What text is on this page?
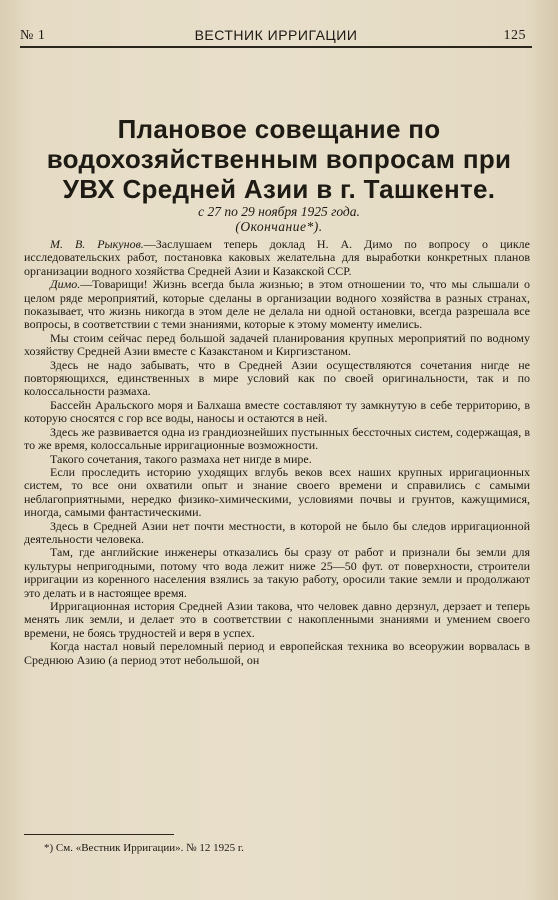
№ 1	ВЕСТНИК ИРРИГАЦИИ	125
Плановое совещание по водохозяйственным вопросам при УВХ Средней Азии в г. Ташкенте.
с 27 по 29 ноября 1925 года.
(Окончание*).

М. В. Рыкунов.—Заслушаем теперь доклад Н. А. Димо по вопросу о цикле исследовательских работ, постановка каковых желательна для выработки конкретных планов организации водного хозяйства Средней Азии и Казакской ССР.

Димо.—Товарищи! Жизнь всегда была жизнью; в этом отношении то, что мы слышали о целом ряде мероприятий, которые сделаны в организации водного хозяйства в разных странах, показывает, что жизнь никогда в этом деле не делала ни одной остановки, всегда разрешала все вопросы, в соответствии с теми знаниями, которые к этому моменту имелись.

Мы стоим сейчас перед большой задачей планирования крупных мероприятий по водному хозяйству Средней Азии вместе с Казакстаном и Киргизстаном.

Здесь не надо забывать, что в Средней Азии осуществляются сочетания нигде не повторяющихся, единственных в мире условий как по своей оригинальности, так и по колоссальности размаха.

Бассейн Аральского моря и Балхаша вместе составляют ту замкнутую в себе территорию, в которую сносятся с гор все воды, наносы и остаются в ней.

Здесь же развивается одна из грандиознейших пустынных бессточных систем, содержащая, в то же время, колоссальные ирригационные возможности.

Такого сочетания, такого размаха нет нигде в мире.

Если проследить историю уходящих вглубь веков всех наших крупных ирригационных систем, то все они охватили опыт и знание своего времени и справились с самыми неблагоприятными, нередко физико-химическими, условиями почвы и грунтов, кажущимися, иногда, самыми фантастическими.

Здесь в Средней Азии нет почти местности, в которой не было бы следов ирригационной деятельности человека.

Там, где английские инженеры отказались бы сразу от работ и признали бы земли для культуры непригодными, потому что вода лежит ниже 25—50 фут. от поверхности, строители ирригации из коренного населения взялись за такую работу, оросили такие земли и продолжают это делать и в настоящее время.

Ирригационная история Средней Азии такова, что человек давно дерзнул, дерзает и теперь менять лик земли, и делает это в соответствии с накопленными знаниями и умением своего времени, не боясь трудностей и веря в успех.

Когда настал новый переломный период и европейская техника во всеоружии ворвалась в Среднюю Азию (а период этот небольшой, он

*) См. «Вестник Ирригации». № 12 1925 г.
